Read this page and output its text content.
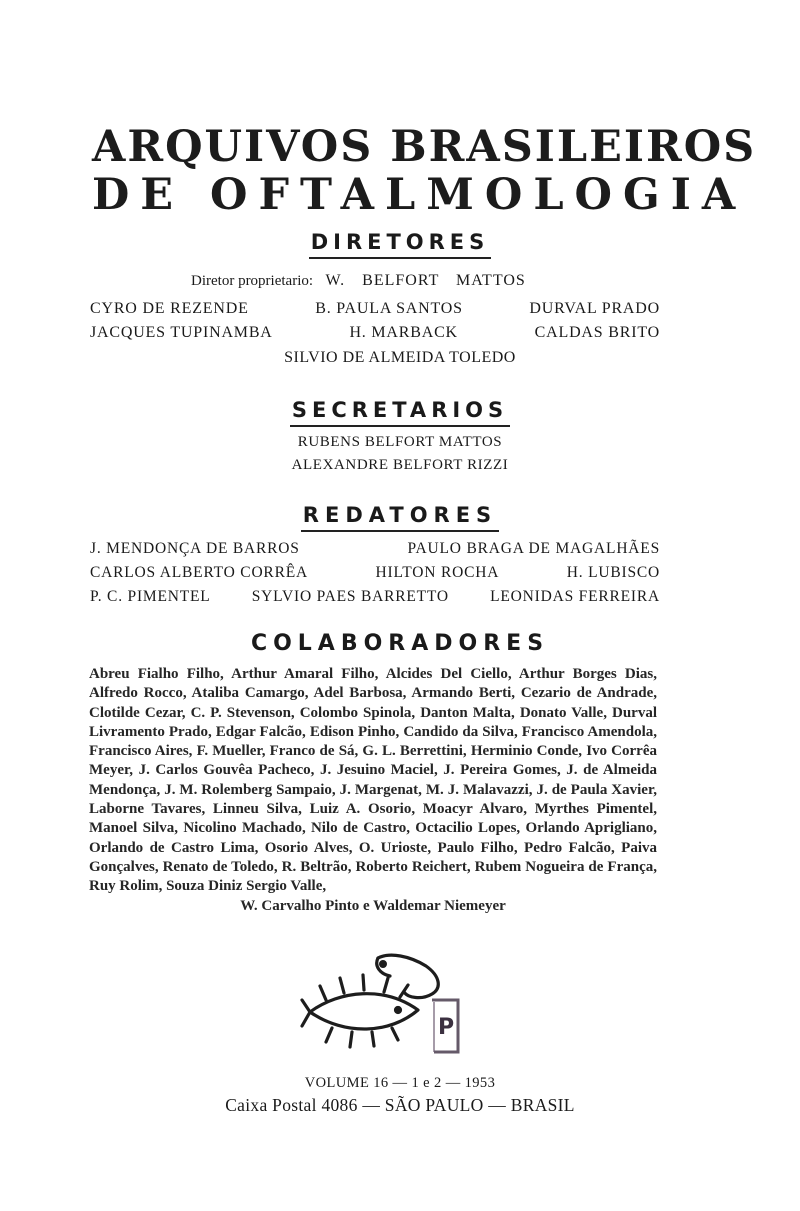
ARQUIVOS BRASILEIROS
DE OFTALMOLOGIA
DIRETORES
Diretor proprietario: W. BELFORT MATTOS
CYRO DE REZENDE	B. PAULA SANTOS	DURVAL PRADO
JACQUES TUPINAMBA	H. MARBACK	CALDAS BRITO
SILVIO DE ALMEIDA TOLEDO
SECRETARIOS
RUBENS BELFORT MATTOS
ALEXANDRE BELFORT RIZZI
REDATORES
J. MENDONÇA DE BARROS	PAULO BRAGA DE MAGALHÃES
CARLOS ALBERTO CORRÊA	HILTON ROCHA	H. LUBISCO
P. C. PIMENTEL	SYLVIO PAES BARRETTO	LEONIDAS FERREIRA
COLABORADORES

Abreu Fialho Filho, Arthur Amaral Filho, Alcides Del Ciello, Arthur Borges Dias, Alfredo Rocco, Ataliba Camargo, Adel Barbosa, Armando Berti, Cezario de Andrade, Clotilde Cezar, C. P. Stevenson, Colombo Spinola, Danton Malta, Donato Valle, Durval Livramento Prado, Edgar Falcão, Edison Pinho, Candido da Silva, Francisco Amendola, Francisco Aires, F. Mueller, Franco de Sá, G. L. Berrettini, Herminio Conde, Ivo Corrêa Meyer, J. Carlos Gouvêa Pacheco, J. Jesuino Maciel, J. Pereira Gomes, J. de Almeida Mendonça, J. M. Rolemberg Sampaio, J. Margenat, M. J. Malavazzi, J. de Paula Xavier, Laborne Tavares, Linneu Silva, Luiz A. Osorio, Moacyr Alvaro, Myrthes Pimentel, Manoel Silva, Nicolino Machado, Nilo de Castro, Octacilio Lopes, Orlando Aprigliano, Orlando de Castro Lima, Osorio Alves, O. Urioste, Paulo Filho, Pedro Falcão, Paiva Gonçalves, Renato de Toledo, R. Beltrão, Roberto Reichert, Rubem Nogueira de França, Ruy Rolim, Souza Diniz Sergio Valle,

W. Carvalho Pinto e Waldemar Niemeyer

P
VOLUME 16 — 1 e 2 — 1953
Caixa Postal 4086 — SÃO PAULO — BRASIL
